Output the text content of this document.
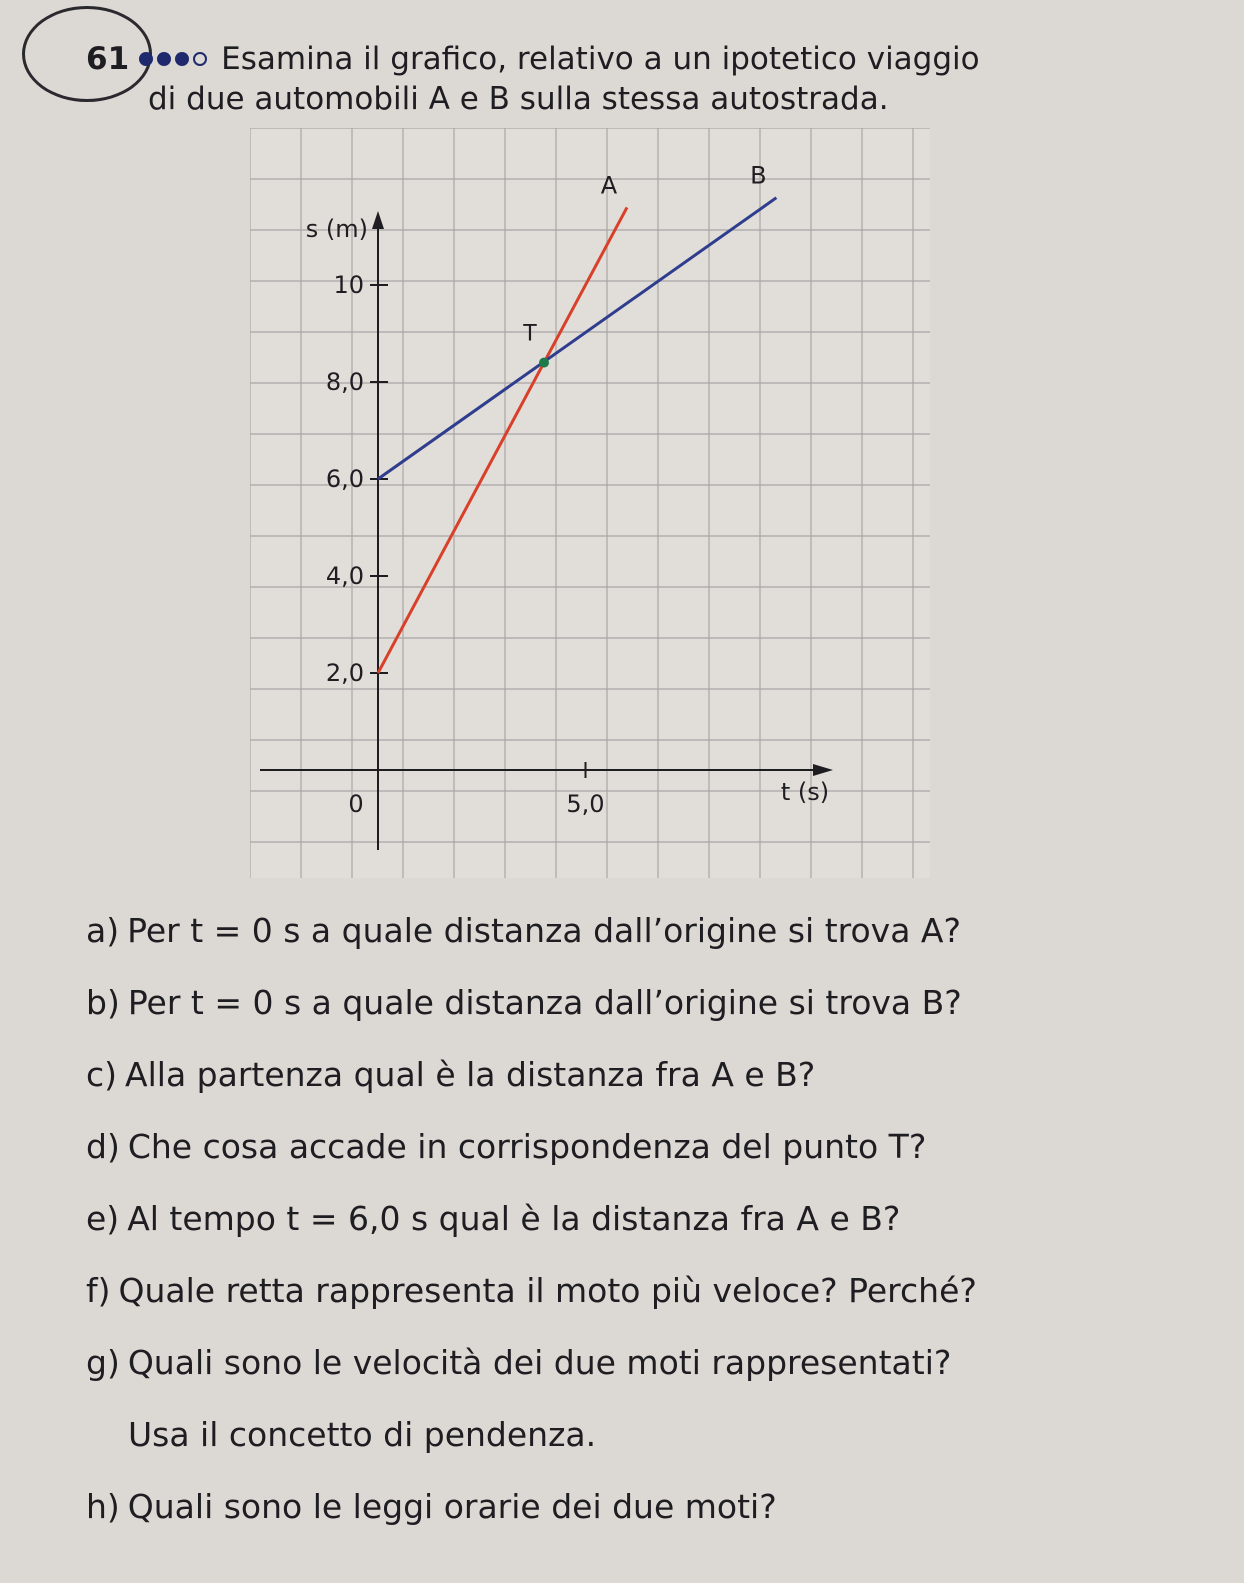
61	Esamina il grafico, relativo a un ipotetico viaggio
di due automobili A e B sulla stessa autostrada.
2,0
4,0
6,0
8,0
10
0	5,0
s (m)
t (s)
A	B
T
a) Per t = 0 s a quale distanza dall’origine si trova A?
b) Per t = 0 s a quale distanza dall’origine si trova B?
c) Alla partenza qual è la distanza fra A e B?
d) Che cosa accade in corrispondenza del punto T?
e) Al tempo t = 6,0 s qual è la distanza fra A e B?
f) Quale retta rappresenta il moto più veloce? Perché?
g) Quali sono le velocità dei due moti rappresentati?
Usa il concetto di pendenza.
h) Quali sono le leggi orarie dei due moti?
